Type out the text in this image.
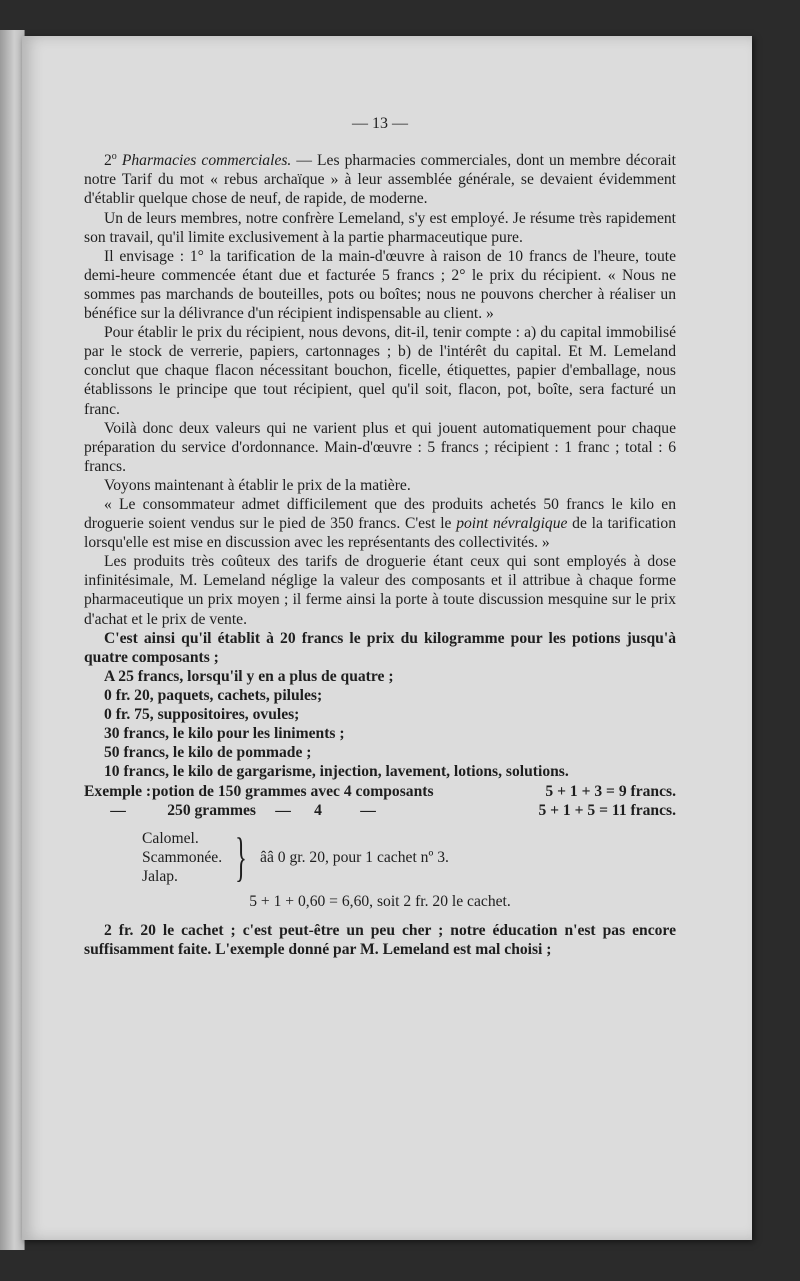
— 13 —

2$^o$ Pharmacies commerciales. — Les pharmacies commerciales, dont un membre décorait notre Tarif du mot « rebus archaïque » à leur assemblée générale, se devaient évidemment d'établir quelque chose de neuf, de rapide, de moderne.

Un de leurs membres, notre confrère Lemeland, s'y est employé. Je résume très rapidement son travail, qu'il limite exclusivement à la partie pharmaceutique pure.

Il envisage : 1° la tarification de la main-d'œuvre à raison de 10 francs de l'heure, toute demi-heure commencée étant due et facturée 5 francs ; 2° le prix du récipient. « Nous ne sommes pas marchands de bouteilles, pots ou boîtes; nous ne pouvons chercher à réaliser un bénéfice sur la délivrance d'un récipient indispensable au client. »

Pour établir le prix du récipient, nous devons, dit-il, tenir compte : a) du capital immobilisé par le stock de verrerie, papiers, cartonnages ; b) de l'intérêt du capital. Et M. Lemeland conclut que chaque flacon nécessitant bouchon, ficelle, étiquettes, papier d'emballage, nous établissons le principe que tout récipient, quel qu'il soit, flacon, pot, boîte, sera facturé un franc.

Voilà donc deux valeurs qui ne varient plus et qui jouent automatiquement pour chaque préparation du service d'ordonnance. Main-d'œuvre : 5 francs ; récipient : 1 franc ; total : 6 francs.

Voyons maintenant à établir le prix de la matière.

« Le consommateur admet difficilement que des produits achetés 50 francs le kilo en droguerie soient vendus sur le pied de 350 francs. C'est le point névralgique de la tarification lorsqu'elle est mise en discussion avec les représentants des collectivités. »

Les produits très coûteux des tarifs de droguerie étant ceux qui sont employés à dose infinitésimale, M. Lemeland néglige la valeur des composants et il attribue à chaque forme pharmaceutique un prix moyen ; il ferme ainsi la porte à toute discussion mesquine sur le prix d'achat et le prix de vente.

C'est ainsi qu'il établit à 20 francs le prix du kilogramme pour les potions jusqu'à quatre composants ;

A 25 francs, lorsqu'il y en a plus de quatre ;

0 fr. 20, paquets, cachets, pilules;

0 fr. 75, suppositoires, ovules;

30 francs, le kilo pour les liniments ;

50 francs, le kilo de pommade ;

10 francs, le kilo de gargarisme, injection, lavement, lotions, solutions.

Exemple :	potion de 150 grammes avec 4 composants					5 + 1 + 3 = 9 francs.
—	250 grammes	—	4	—		5 + 1 + 5 = 11 francs.
Calomel.
Scammonée.
Jalap.	} ââ 0 gr. 20, pour 1 cachet nº 3.
5 + 1 + 0,60 = 6,60, soit 2 fr. 20 le cachet.

2 fr. 20 le cachet ; c'est peut-être un peu cher ; notre éducation n'est pas encore suffisamment faite. L'exemple donné par M. Lemeland est mal choisi ;
